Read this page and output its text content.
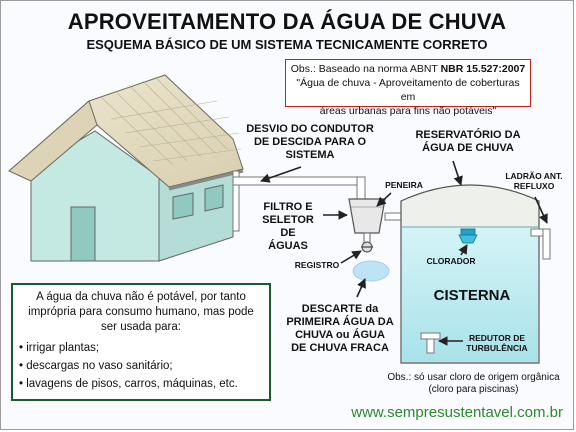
APROVEITAMENTO DA ÁGUA DE CHUVA
ESQUEMA BÁSICO DE UM SISTEMA TECNICAMENTE CORRETO
Obs.: Baseado na norma ABNT NBR 15.527:2007
"Água de chuva - Aproveitamento de coberturas em
áreas urbanas para fins não potáveis"
DESVIO DO CONDUTOR
DE DESCIDA PARA O
SISTEMA
RESERVATÓRIO DA
ÁGUA DE CHUVA
PENEIRA
LADRÃO ANT.
REFLUXO
FILTRO E
SELETOR DE
ÁGUAS
REGISTRO	CLORADOR
CISTERNA
DESCARTE da
PRIMEIRA ÁGUA DA
CHUVA ou ÁGUA
DE CHUVA FRACA
REDUTOR DE
TURBULÊNCIA
A água da chuva não é potável, por tanto imprópria para consumo humano, mas pode ser usada para:
• irrigar plantas;
• descargas no vaso sanitário;
• lavagens de pisos, carros, máquinas, etc.
Obs.: só usar cloro de origem orgânica (cloro para piscinas)
www.sempresustentavel.com.br
